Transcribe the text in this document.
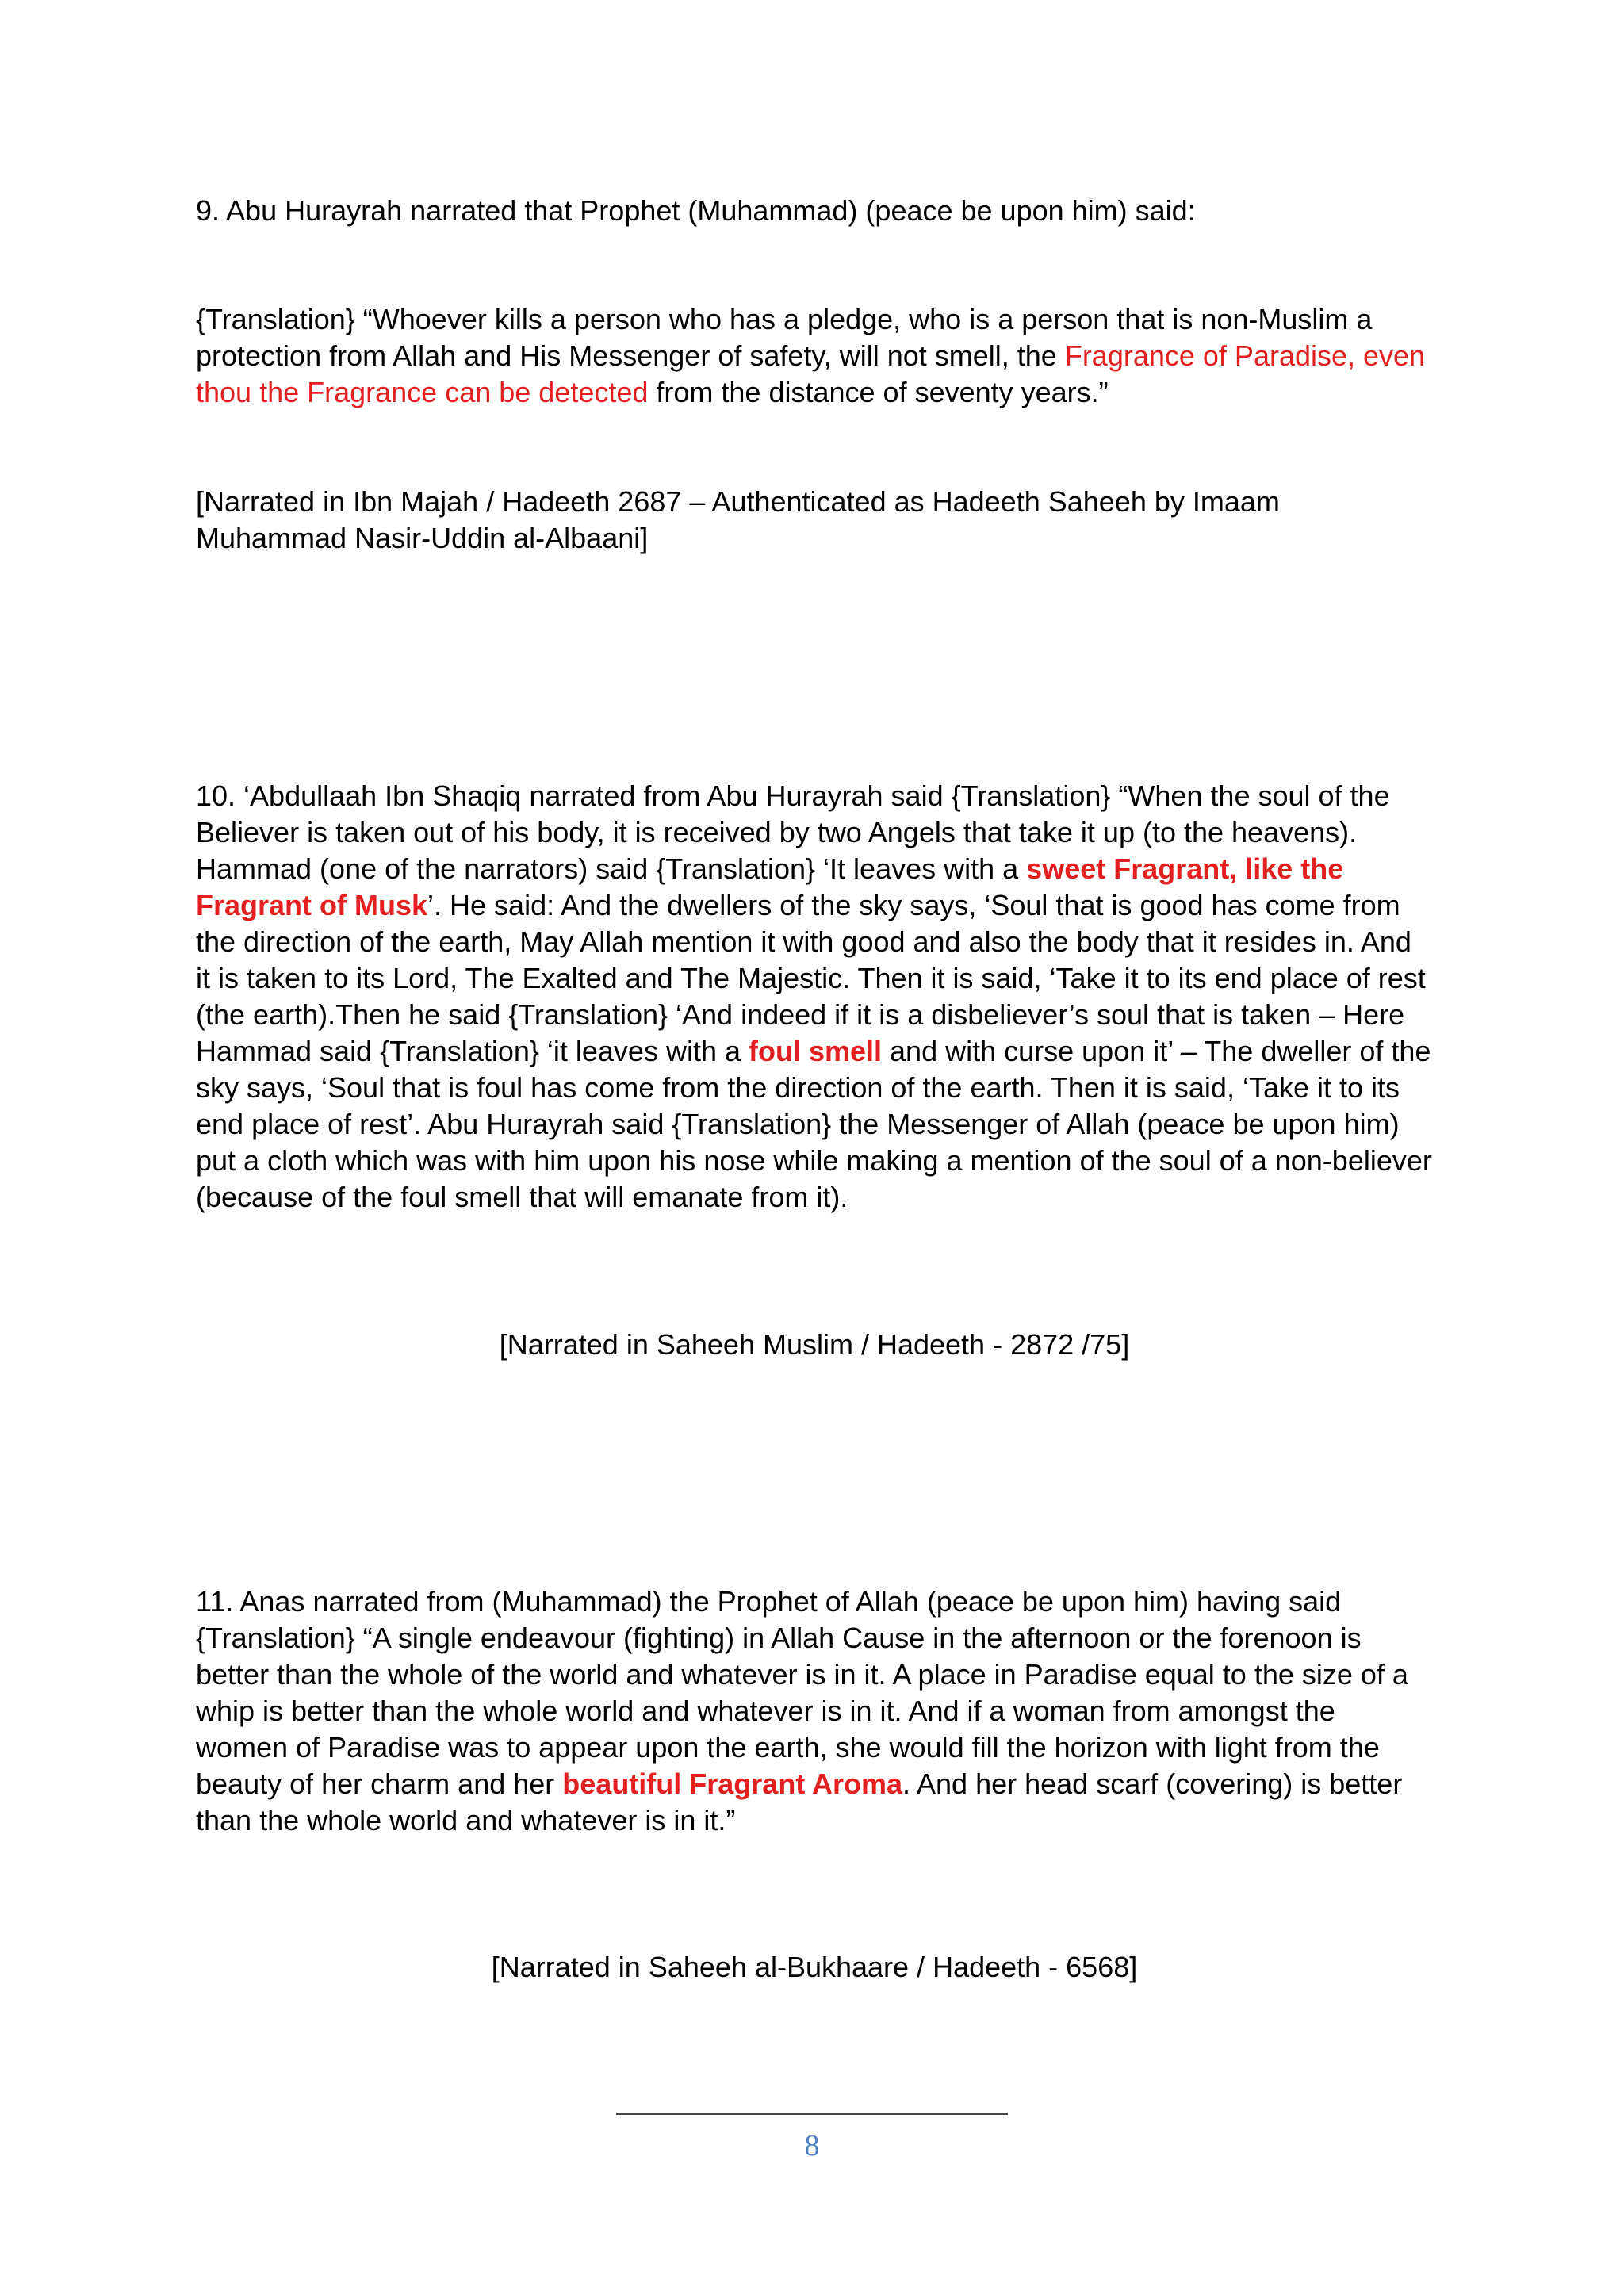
9. Abu Hurayrah narrated that Prophet (Muhammad) (peace be upon him) said:

{Translation} “Whoever kills a person who has a pledge, who is a person that is non-Muslim a protection from Allah and His Messenger of safety, will not smell, the Fragrance of Paradise, even thou the Fragrance can be detected from the distance of seventy years.”

[Narrated in Ibn Majah / Hadeeth 2687 – Authenticated as Hadeeth Saheeh by Imaam Muhammad Nasir-Uddin al-Albaani]

10. ‘Abdullaah Ibn Shaqiq narrated from Abu Hurayrah said {Translation} “When the soul of the Believer is taken out of his body, it is received by two Angels that take it up (to the heavens). Hammad (one of the narrators) said {Translation} ‘It leaves with a sweet Fragrant, like the Fragrant of Musk’. He said: And the dwellers of the sky says, ‘Soul that is good has come from the direction of the earth, May Allah mention it with good and also the body that it resides in. And it is taken to its Lord, The Exalted and The Majestic. Then it is said, ‘Take it to its end place of rest (the earth).Then he said {Translation} ‘And indeed if it is a disbeliever’s soul that is taken – Here Hammad said {Translation} ‘it leaves with a foul smell and with curse upon it’ – The dweller of the sky says, ‘Soul that is foul has come from the direction of the earth. Then it is said, ‘Take it to its end place of rest’. Abu Hurayrah said {Translation} the Messenger of Allah (peace be upon him) put a cloth which was with him upon his nose while making a mention of the soul of a non-believer (because of the foul smell that will emanate from it).

[Narrated in Saheeh Muslim / Hadeeth - 2872 /75]

11. Anas narrated from (Muhammad) the Prophet of Allah (peace be upon him) having said {Translation} “A single endeavour (fighting) in Allah Cause in the afternoon or the forenoon is better than the whole of the world and whatever is in it. A place in Paradise equal to the size of a whip is better than the whole world and whatever is in it. And if a woman from amongst the women of Paradise was to appear upon the earth, she would fill the horizon with light from the beauty of her charm and her beautiful Fragrant Aroma. And her head scarf (covering) is better than the whole world and whatever is in it.”

[Narrated in Saheeh al-Bukhaare / Hadeeth - 6568]

8
